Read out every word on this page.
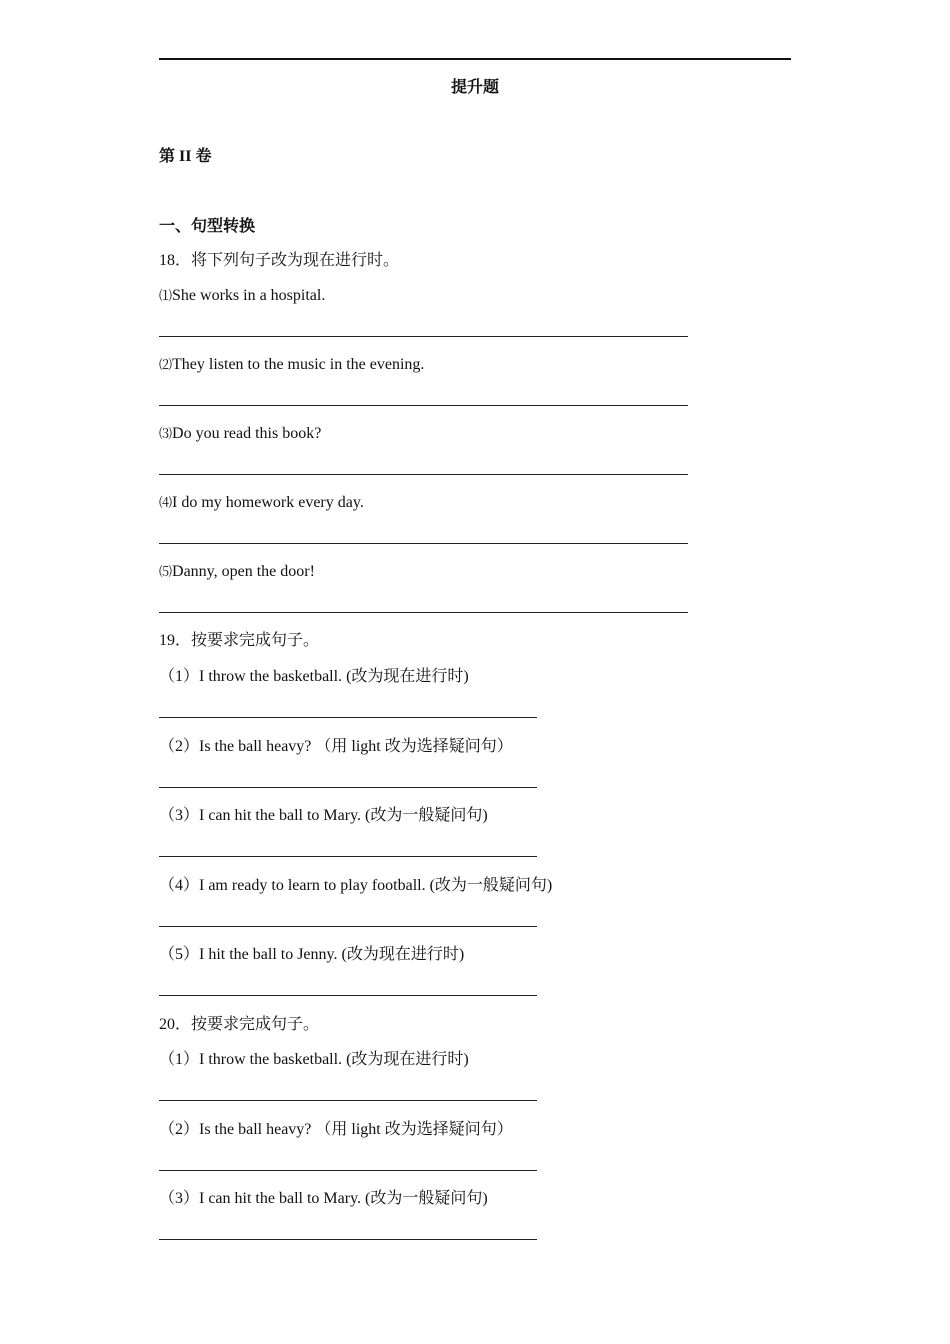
提升题
第 II 卷
一、句型转换
18．将下列句子改为现在进行时。
⑴She works in a hospital.
⑵They listen to the music in the evening.
⑶Do you read this book?
⑷I do my homework every day.
⑸Danny, open the door!
19．按要求完成句子。
（1）I throw the basketball. (改为现在进行时)
（2）Is the ball heavy? （用 light 改为选择疑问句）
（3）I can hit the ball to Mary. (改为一般疑问句)
（4）I am ready to learn to play football. (改为一般疑问句)
（5）I hit the ball to Jenny. (改为现在进行时)
20．按要求完成句子。
（1）I throw the basketball. (改为现在进行时)
（2）Is the ball heavy? （用 light 改为选择疑问句）
（3）I can hit the ball to Mary. (改为一般疑问句)
